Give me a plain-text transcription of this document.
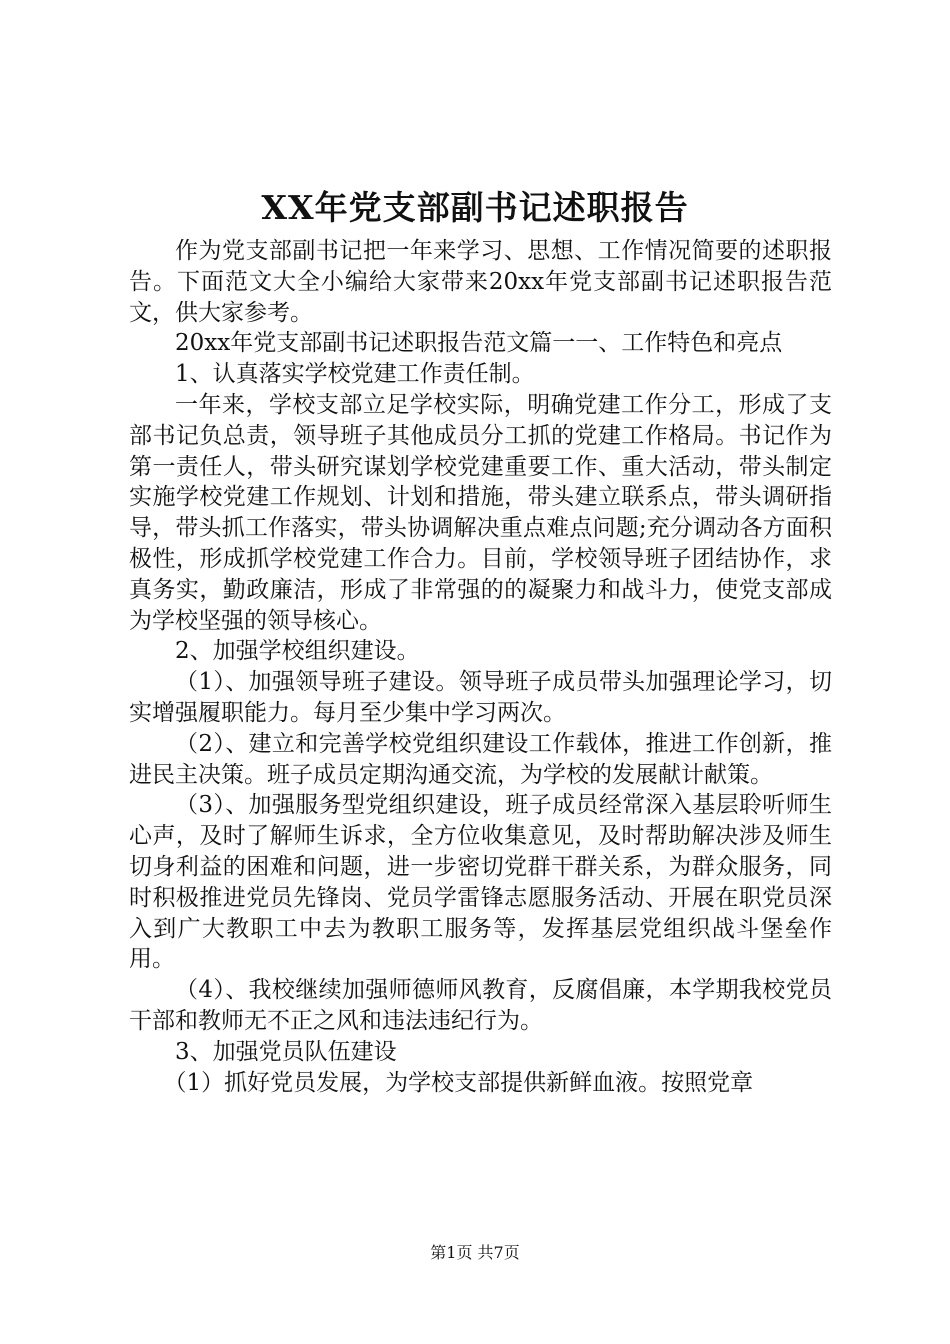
XX年党支部副书记述职报告

作为党支部副书记把一年来学习、思想、工作情况简要的述职报告。下面范文大全小编给大家带来20xx年党支部副书记述职报告范文，供大家参考。

20xx年党支部副书记述职报告范文篇一一、工作特色和亮点

1、认真落实学校党建工作责任制。

一年来，学校支部立足学校实际，明确党建工作分工，形成了支部书记负总责，领导班子其他成员分工抓的党建工作格局。书记作为第一责任人，带头研究谋划学校党建重要工作、重大活动，带头制定实施学校党建工作规划、计划和措施，带头建立联系点，带头调研指导，带头抓工作落实，带头协调解决重点难点问题;充分调动各方面积极性，形成抓学校党建工作合力。目前，学校领导班子团结协作，求真务实，勤政廉洁，形成了非常强的的凝聚力和战斗力，使党支部成为学校坚强的领导核心。

2、加强学校组织建设。

（1）、加强领导班子建设。领导班子成员带头加强理论学习，切实增强履职能力。每月至少集中学习两次。

（2）、建立和完善学校党组织建设工作载体，推进工作创新，推进民主决策。班子成员定期沟通交流，为学校的发展献计献策。

（3）、加强服务型党组织建设，班子成员经常深入基层聆听师生心声，及时了解师生诉求，全方位收集意见，及时帮助解决涉及师生切身利益的困难和问题，进一步密切党群干群关系，为群众服务，同时积极推进党员先锋岗、党员学雷锋志愿服务活动、开展在职党员深入到广大教职工中去为教职工服务等，发挥基层党组织战斗堡垒作用。

（4）、我校继续加强师德师风教育，反腐倡廉，本学期我校党员干部和教师无不正之风和违法违纪行为。

3、加强党员队伍建设

（1）抓好党员发展，为学校支部提供新鲜血液。按照党章

第1页 共7页
